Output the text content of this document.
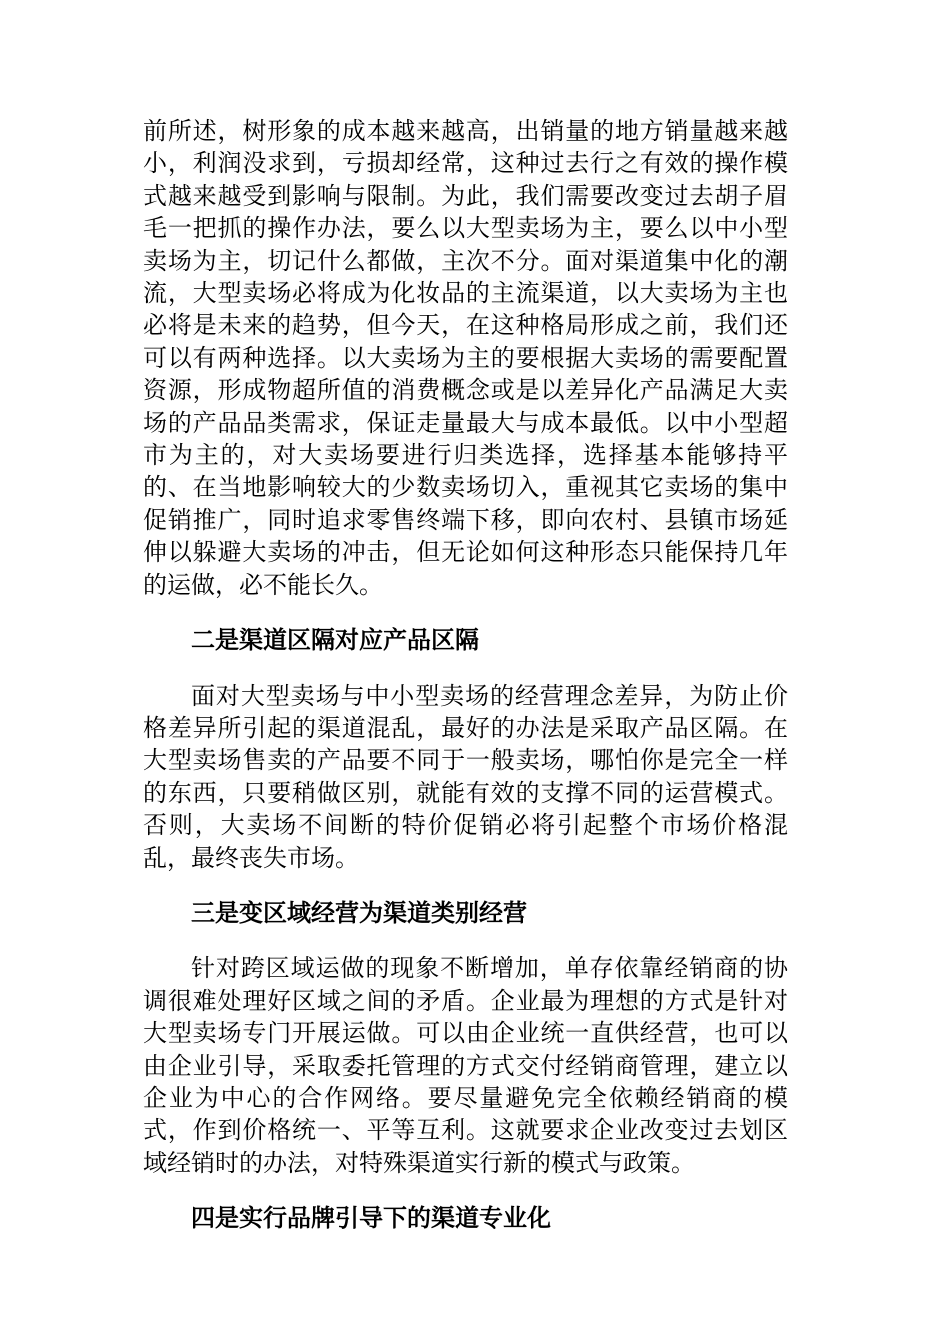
前所述，树形象的成本越来越高，出销量的地方销量越来越小，利润没求到，亏损却经常，这种过去行之有效的操作模式越来越受到影响与限制。为此，我们需要改变过去胡子眉毛一把抓的操作办法，要么以大型卖场为主，要么以中小型卖场为主，切记什么都做，主次不分。面对渠道集中化的潮流，大型卖场必将成为化妆品的主流渠道，以大卖场为主也必将是未来的趋势，但今天，在这种格局形成之前，我们还可以有两种选择。以大卖场为主的要根据大卖场的需要配置资源，形成物超所值的消费概念或是以差异化产品满足大卖场的产品品类需求，保证走量最大与成本最低。以中小型超市为主的，对大卖场要进行归类选择，选择基本能够持平的、在当地影响较大的少数卖场切入，重视其它卖场的集中促销推广，同时追求零售终端下移，即向农村、县镇市场延伸以躲避大卖场的冲击，但无论如何这种形态只能保持几年的运做，必不能长久。

二是渠道区隔对应产品区隔

面对大型卖场与中小型卖场的经营理念差异，为防止价格差异所引起的渠道混乱，最好的办法是采取产品区隔。在大型卖场售卖的产品要不同于一般卖场，哪怕你是完全一样的东西，只要稍做区别，就能有效的支撑不同的运营模式。否则，大卖场不间断的特价促销必将引起整个市场价格混乱，最终丧失市场。

三是变区域经营为渠道类别经营

针对跨区域运做的现象不断增加，单存依靠经销商的协调很难处理好区域之间的矛盾。企业最为理想的方式是针对大型卖场专门开展运做。可以由企业统一直供经营，也可以由企业引导，采取委托管理的方式交付经销商管理，建立以企业为中心的合作网络。要尽量避免完全依赖经销商的模式，作到价格统一、平等互利。这就要求企业改变过去划区域经销时的办法，对特殊渠道实行新的模式与政策。

四是实行品牌引导下的渠道专业化
